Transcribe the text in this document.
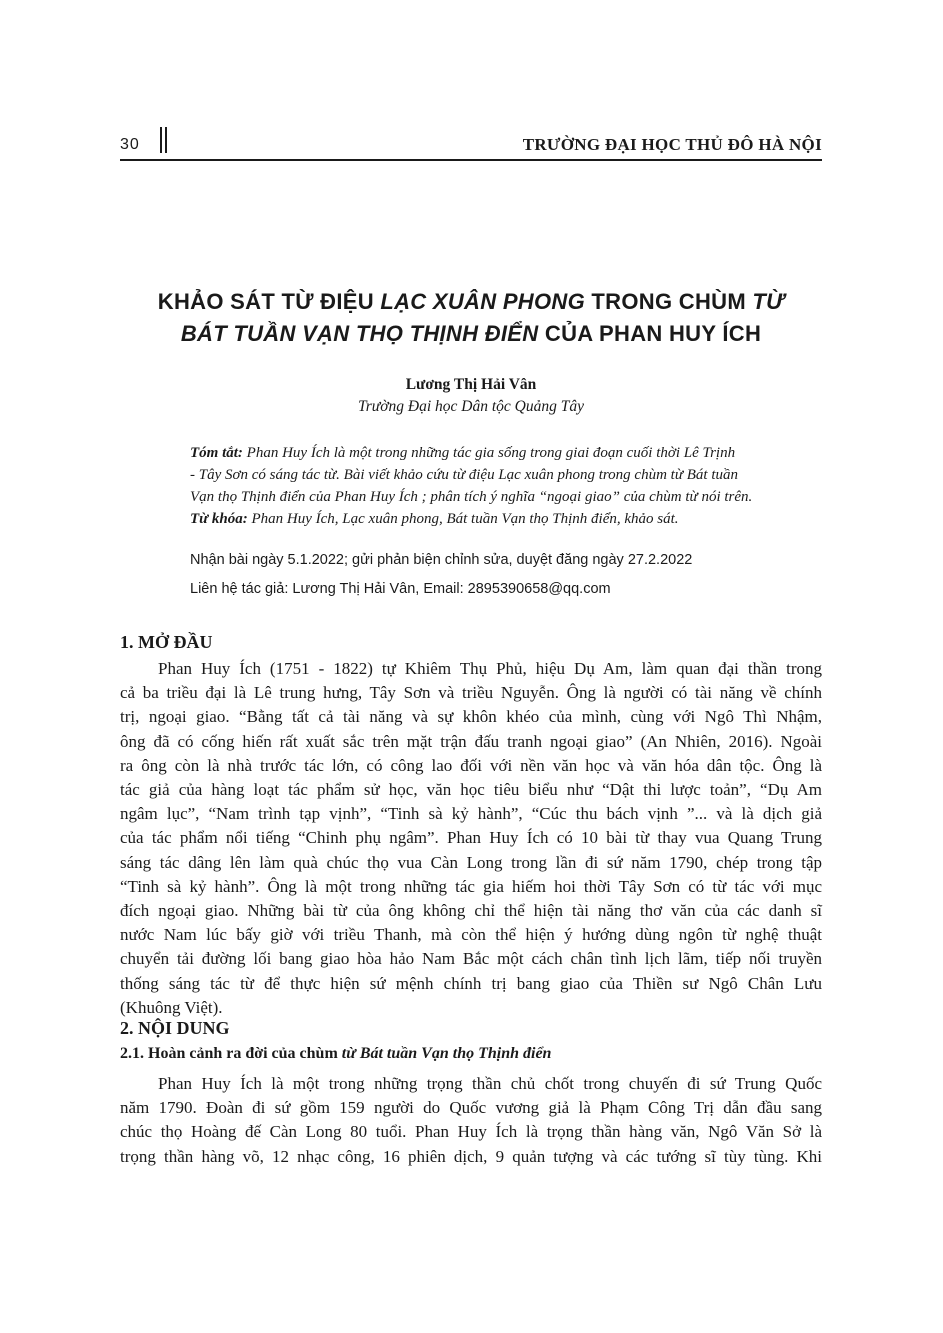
30	TRƯỜNG ĐẠI HỌC THỦ ĐÔ HÀ NỘI
KHẢO SÁT TỪ ĐIỆU LẠC XUÂN PHONG TRONG CHÙM TỪ
BÁT TUẦN VẠN THỌ THỊNH ĐIỂN CỦA PHAN HUY ÍCH
Lương Thị Hải Vân
Trường Đại học Dân tộc Quảng Tây
Tóm tắt: Phan Huy Ích là một trong những tác gia sống trong giai đoạn cuối thời Lê Trịnh
- Tây Sơn có sáng tác từ. Bài viết khảo cứu từ điệu Lạc xuân phong trong chùm từ Bát tuần
Vạn thọ Thịnh điển của Phan Huy Ích ; phân tích ý nghĩa “ngoại giao” của chùm từ nói trên.
Từ khóa: Phan Huy Ích, Lạc xuân phong, Bát tuần Vạn thọ Thịnh điển, khảo sát.
Nhận bài ngày 5.1.2022; gửi phản biện chỉnh sửa, duyệt đăng ngày 27.2.2022
Liên hệ tác giả: Lương Thị Hải Vân, Email: 2895390658@qq.com
1. MỞ ĐẦU
Phan Huy Ích (1751 - 1822) tự Khiêm Thụ Phủ, hiệu Dụ Am, làm quan đại thần trong
cả ba triều đại là Lê trung hưng, Tây Sơn và triều Nguyễn. Ông là người có tài năng về chính
trị, ngoại giao. “Bằng tất cả tài năng và sự khôn khéo của mình, cùng với Ngô Thì Nhậm,
ông đã có cống hiến rất xuất sắc trên mặt trận đấu tranh ngoại giao” (An Nhiên, 2016). Ngoài
ra ông còn là nhà trước tác lớn, có công lao đối với nền văn học và văn hóa dân tộc. Ông là
tác giả của hàng loạt tác phẩm sử học, văn học tiêu biểu như “Dật thi lược toản”, “Dụ Am
ngâm lục”, “Nam trình tạp vịnh”, “Tinh sà kỷ hành”, “Cúc thu bách vịnh ”... và là dịch giả
của tác phẩm nổi tiếng “Chinh phụ ngâm”. Phan Huy Ích có 10 bài từ thay vua Quang Trung
sáng tác dâng lên làm quà chúc thọ vua Càn Long trong lần đi sứ năm 1790, chép trong tập
“Tinh sà kỷ hành”. Ông là một trong những tác gia hiếm hoi thời Tây Sơn có từ tác với mục
đích ngoại giao. Những bài từ của ông không chỉ thể hiện tài năng thơ văn của các danh sĩ
nước Nam lúc bấy giờ với triều Thanh, mà còn thể hiện ý hướng dùng ngôn từ nghệ thuật
chuyển tải đường lối bang giao hòa hảo Nam Bắc một cách chân tình lịch lãm, tiếp nối truyền
thống sáng tác từ để thực hiện sứ mệnh chính trị bang giao của Thiền sư Ngô Chân Lưu
(Khuông Việt).
2. NỘI DUNG
2.1. Hoàn cảnh ra đời của chùm từ Bát tuần Vạn thọ Thịnh điển
Phan Huy Ích là một trong những trọng thần chủ chốt trong chuyến đi sứ Trung Quốc
năm 1790. Đoàn đi sứ gồm 159 người do Quốc vương giả là Phạm Công Trị dẫn đầu sang
chúc thọ Hoàng đế Càn Long 80 tuổi. Phan Huy Ích là trọng thần hàng văn, Ngô Văn Sở là
trọng thần hàng võ, 12 nhạc công, 16 phiên dịch, 9 quản tượng và các tướng sĩ tùy tùng. Khi
